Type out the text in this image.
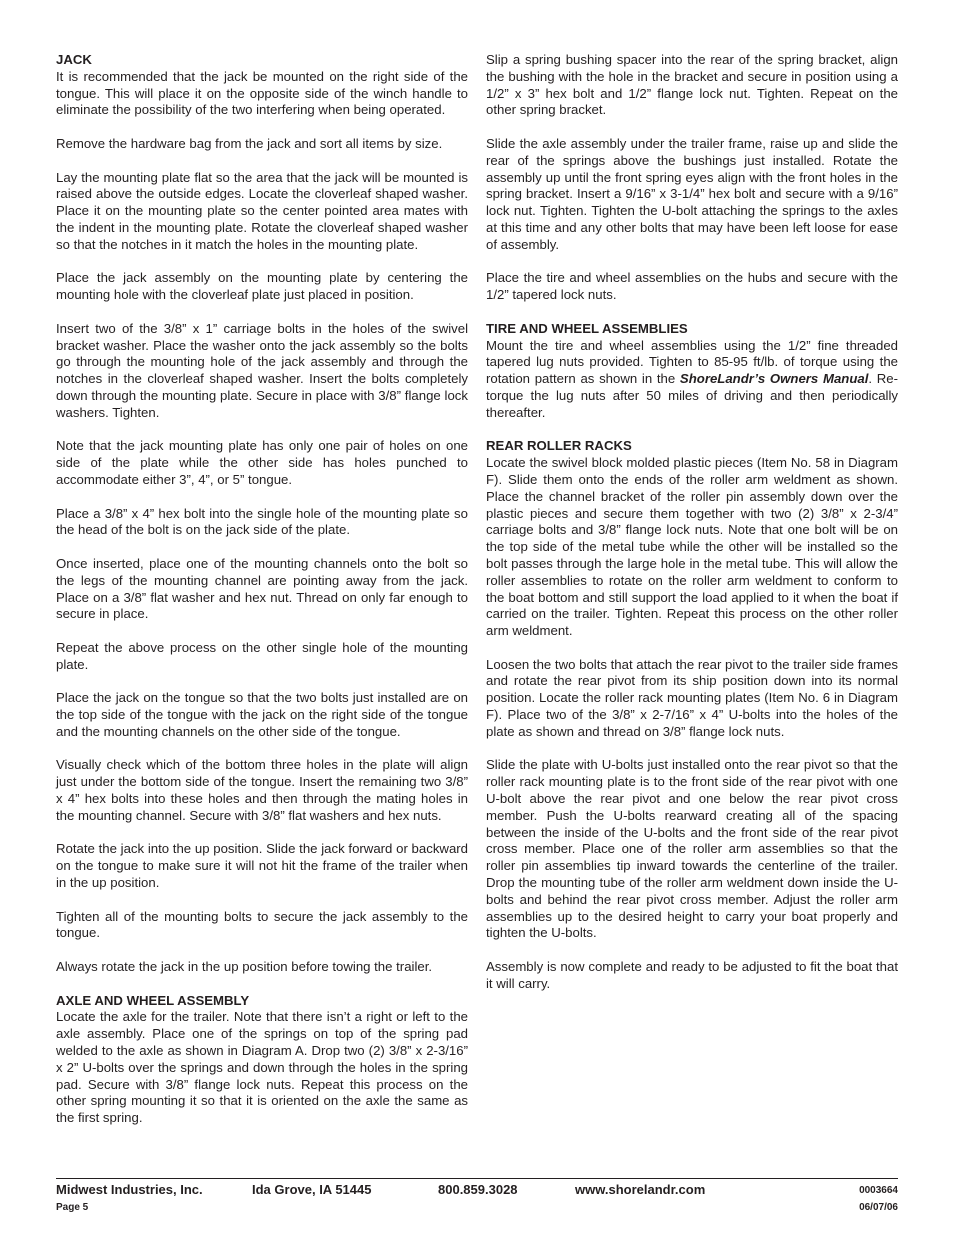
JACK

It is recommended that the jack be mounted on the right side of the tongue. This will place it on the opposite side of the winch handle to eliminate the possibility of the two interfering when being operated.

Remove the hardware bag from the jack and sort all items by size.

Lay the mounting plate flat so the area that the jack will be mounted is raised above the outside edges. Locate the cloverleaf shaped washer. Place it on the mounting plate so the center pointed area mates with the indent in the mounting plate. Rotate the cloverleaf shaped washer so that the notches in it match the holes in the mounting plate.

Place the jack assembly on the mounting plate by centering the mounting hole with the cloverleaf plate just placed in position.

Insert two of the 3/8” x 1” carriage bolts in the holes of the swivel bracket washer. Place the washer onto the jack assembly so the bolts go through the mounting hole of the jack assembly and through the notches in the cloverleaf shaped washer. Insert the bolts completely down through the mounting plate. Secure in place with 3/8” flange lock washers. Tighten.

Note that the jack mounting plate has only one pair of holes on one side of the plate while the other side has holes punched to accommodate either 3”, 4”, or 5” tongue.

Place a 3/8” x 4” hex bolt into the single hole of the mounting plate so the head of the bolt is on the jack side of the plate.

Once inserted, place one of the mounting channels onto the bolt so the legs of the mounting channel are pointing away from the jack. Place on a 3/8” flat washer and hex nut. Thread on only far enough to secure in place.

Repeat the above process on the other single hole of the mounting plate.

Place the jack on the tongue so that the two bolts just installed are on the top side of the tongue with the jack on the right side of the tongue and the mounting channels on the other side of the tongue.

Visually check which of the bottom three holes in the plate will align just under the bottom side of the tongue. Insert the remaining two 3/8” x 4” hex bolts into these holes and then through the mating holes in the mounting channel. Secure with 3/8” flat washers and hex nuts.

Rotate the jack into the up position. Slide the jack forward or backward on the tongue to make sure it will not hit the frame of the trailer when in the up position.

Tighten all of the mounting bolts to secure the jack assembly to the tongue.

Always rotate the jack in the up position before towing the trailer.

AXLE AND WHEEL ASSEMBLY

Locate the axle for the trailer. Note that there isn’t a right or left to the axle assembly. Place one of the springs on top of the spring pad welded to the axle as shown in Diagram A. Drop two (2) 3/8” x 2-3/16” x 2” U-bolts over the springs and down through the holes in the spring pad. Secure with 3/8” flange lock nuts. Repeat this process on the other spring mounting it so that it is oriented on the axle the same as the first spring.

Slip a spring bushing spacer into the rear of the spring bracket, align the bushing with the hole in the bracket and secure in position using a 1/2” x 3” hex bolt and 1/2” flange lock nut. Tighten. Repeat on the other spring bracket.

Slide the axle assembly under the trailer frame, raise up and slide the rear of the springs above the bushings just installed. Rotate the assembly up until the front spring eyes align with the front holes in the spring bracket. Insert a 9/16” x 3-1/4” hex bolt and secure with a 9/16” lock nut. Tighten. Tighten the U-bolt attaching the springs to the axles at this time and any other bolts that may have been left loose for ease of assembly.

Place the tire and wheel assemblies on the hubs and secure with the 1/2” tapered lock nuts.

TIRE AND WHEEL ASSEMBLIES

Mount the tire and wheel assemblies using the 1/2” fine threaded tapered lug nuts provided. Tighten to 85-95 ft/lb. of torque using the rotation pattern as shown in the ShoreLandr’s Owners Manual. Re-torque the lug nuts after 50 miles of driving and then periodically thereafter.

REAR ROLLER RACKS

Locate the swivel block molded plastic pieces (Item No. 58 in Diagram F). Slide them onto the ends of the roller arm weldment as shown. Place the channel bracket of the roller pin assembly down over the plastic pieces and secure them together with two (2) 3/8” x 2-3/4” carriage bolts and 3/8” flange lock nuts. Note that one bolt will be on the top side of the metal tube while the other will be installed so the bolt passes through the large hole in the metal tube. This will allow the roller assemblies to rotate on the roller arm weldment to conform to the boat bottom and still support the load applied to it when the boat if carried on the trailer. Tighten. Repeat this process on the other roller arm weldment.

Loosen the two bolts that attach the rear pivot to the trailer side frames and rotate the rear pivot from its ship position down into its normal position. Locate the roller rack mounting plates (Item No. 6 in Diagram F). Place two of the 3/8” x 2-7/16” x 4” U-bolts into the holes of the plate as shown and thread on 3/8” flange lock nuts.

Slide the plate with U-bolts just installed onto the rear pivot so that the roller rack mounting plate is to the front side of the rear pivot with one U-bolt above the rear pivot and one below the rear pivot cross member. Push the U-bolts rearward creating all of the spacing between the inside of the U-bolts and the front side of the rear pivot cross member. Place one of the roller arm assemblies so that the roller pin assemblies tip inward towards the centerline of the trailer. Drop the mounting tube of the roller arm weldment down inside the U-bolts and behind the rear pivot cross member. Adjust the roller arm assemblies up to the desired height to carry your boat properly and tighten the U-bolts.

Assembly is now complete and ready to be adjusted to fit the boat that it will carry.

Midwest Industries, Inc.	Ida Grove, IA 51445	800.859.3028	www.shorelandr.com	0003664
Page 5	06/07/06
